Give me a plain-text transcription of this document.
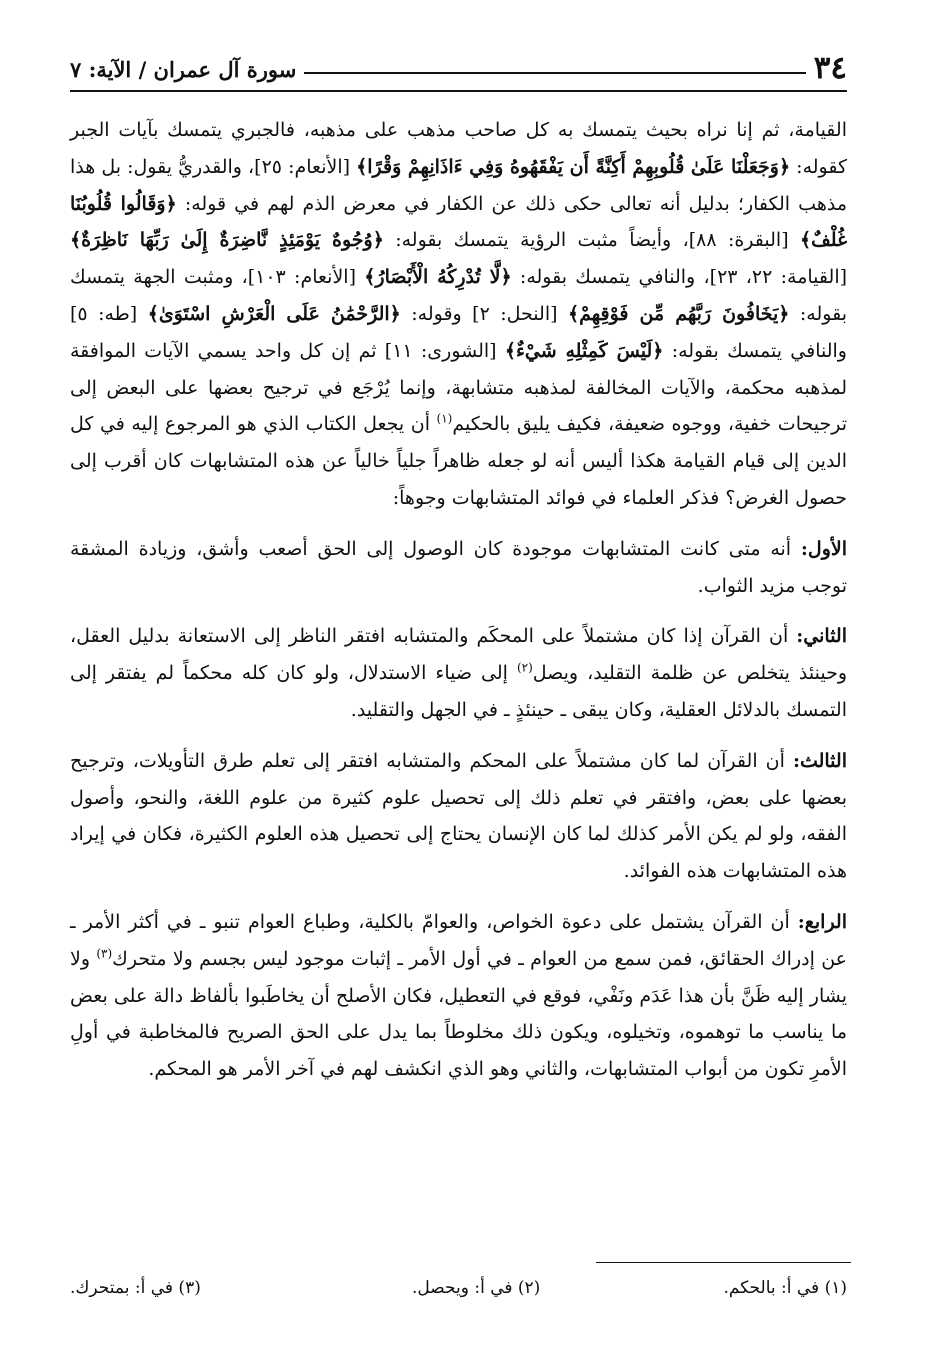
٣٤
سورة آل عمران / الآية: ٧

القيامة، ثم إنا نراه بحيث يتمسك به كل صاحب مذهب على مذهبه، فالجبري يتمسك بآيات الجبر كقوله: ﴿وَجَعَلْنَا عَلَىٰ قُلُوبِهِمْ أَكِنَّةً أَن يَفْقَهُوهُ وَفِي ءَاذَانِهِمْ وَقْرًا﴾ [الأنعام: ٢٥]، والقدريُّ يقول: بل هذا مذهب الكفار؛ بدليل أنه تعالى حكى ذلك عن الكفار في معرض الذم لهم في قوله: ﴿وَقَالُوا قُلُوبُنَا غُلْفٌ﴾ [البقرة: ٨٨]، وأيضاً مثبت الرؤية يتمسك بقوله: ﴿وُجُوهٌ يَوْمَئِذٍ نَّاضِرَةٌ إِلَىٰ رَبِّهَا نَاظِرَةٌ﴾ [القيامة: ٢٢، ٢٣]، والنافي يتمسك بقوله: ﴿لَّا تُدْرِكُهُ الْأَبْصَارُ﴾ [الأنعام: ١٠٣]، ومثبت الجهة يتمسك بقوله: ﴿يَخَافُونَ رَبَّهُم مِّن فَوْقِهِمْ﴾ [النحل: ٢] وقوله: ﴿الرَّحْمَٰنُ عَلَى الْعَرْشِ اسْتَوَىٰ﴾ [طه: ٥] والنافي يتمسك بقوله: ﴿لَيْسَ كَمِثْلِهِ شَيْءٌ﴾ [الشورى: ١١] ثم إن كل واحد يسمي الآيات الموافقة لمذهبه محكمة، والآيات المخالفة لمذهبه متشابهة، وإنما يُرْجَع في ترجيح بعضها على البعض إلى ترجيحات خفية، ووجوه ضعيفة، فكيف يليق بالحكيم$^{(١)}$ أن يجعل الكتاب الذي هو المرجوع إليه في كل الدين إلى قيام القيامة هكذا أليس أنه لو جعله ظاهراً جلياً خالياً عن هذه المتشابهات كان أقرب إلى حصول الغرض؟ فذكر العلماء في فوائد المتشابهات وجوهاً:

الأول: أنه متى كانت المتشابهات موجودة كان الوصول إلى الحق أصعب وأشق، وزيادة المشقة توجب مزيد الثواب.

الثاني: أن القرآن إذا كان مشتملاً على المحكَم والمتشابه افتقر الناظر إلى الاستعانة بدليل العقل، وحينئذ يتخلص عن ظلمة التقليد، ويصل$^{(٢)}$ إلى ضياء الاستدلال، ولو كان كله محكماً لم يفتقر إلى التمسك بالدلائل العقلية، وكان يبقى ـ حينئذٍ ـ في الجهل والتقليد.

الثالث: أن القرآن لما كان مشتملاً على المحكم والمتشابه افتقر إلى تعلم طرق التأويلات، وترجيح بعضها على بعض، وافتقر في تعلم ذلك إلى تحصيل علوم كثيرة من علوم اللغة، والنحو، وأصول الفقه، ولو لم يكن الأمر كذلك لما كان الإنسان يحتاج إلى تحصيل هذه العلوم الكثيرة، فكان في إيراد هذه المتشابهات هذه الفوائد.

الرابع: أن القرآن يشتمل على دعوة الخواص، والعوامّ بالكلية، وطباع العوام تنبو ـ في أكثر الأمر ـ عن إدراك الحقائق، فمن سمع من العوام ـ في أول الأمر ـ إثبات موجود ليس بجسم ولا متحرك$^{(٣)}$ ولا يشار إليه ظَنَّ بأن هذا عَدَم ونَفْي، فوقع في التعطيل، فكان الأصلح أن يخاطَبوا بألفاظ دالة على بعض ما يناسب ما توهموه، وتخيلوه، ويكون ذلك مخلوطاً بما يدل على الحق الصريح فالمخاطبة في أولِ الأمرِ تكون من أبواب المتشابهات، والثاني وهو الذي انكشف لهم في آخر الأمر هو المحكم.

(١) في أ: بالحكم.
(٢) في أ: ويحصل.
(٣) في أ: بمتحرك.
